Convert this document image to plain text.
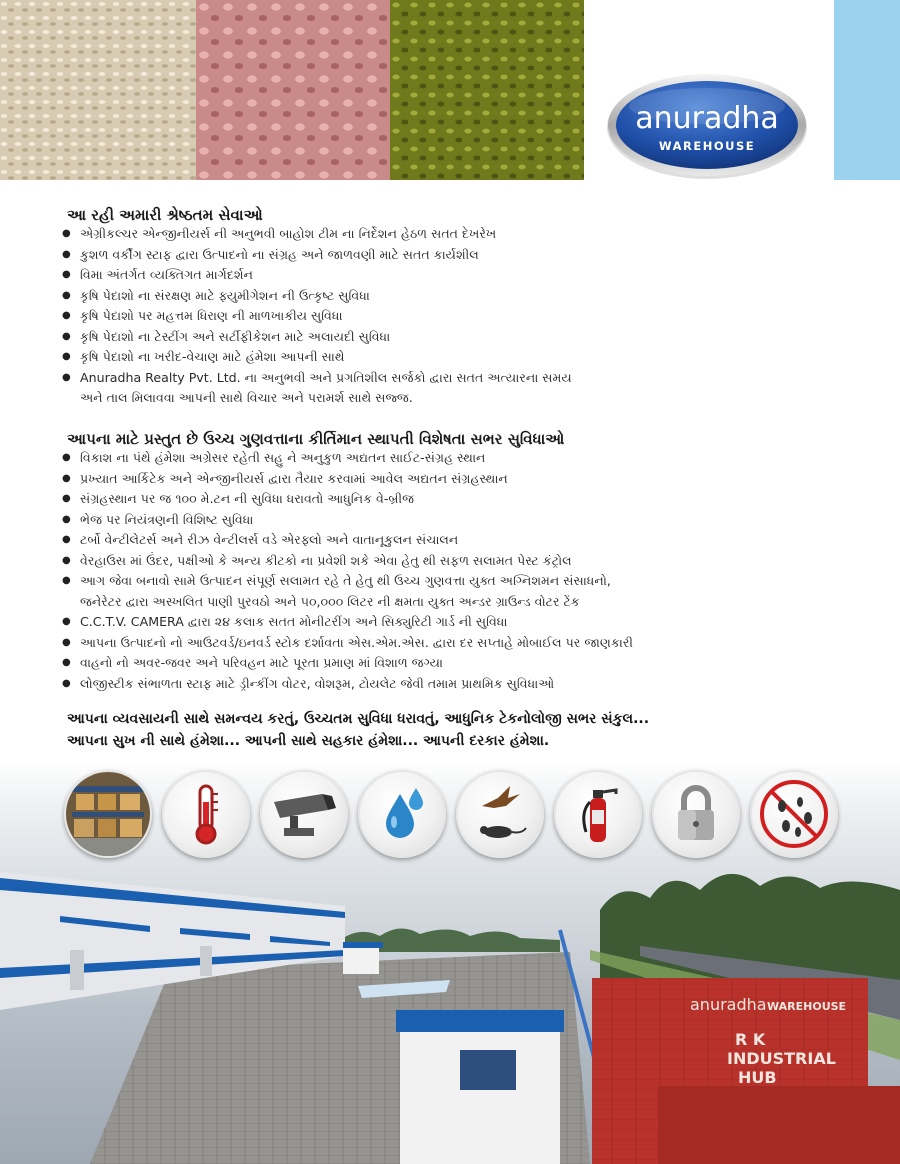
anuradha
WAREHOUSE
આ રહી અમારી શ્રેષ્ઠતમ સેવાઓ
● એગ્રીકલ્ચર એન્જીનીયર્સ ની અનુભવી બાહોશ ટીમ ના નિર્દેશન હેઠળ સતત દેખરેખ
● કુશળ વર્કીંગ સ્ટાફ દ્વારા ઉત્પાદનો ના સંગ્રહ અને જાળવણી માટે સતત કાર્યશીલ
● વિમા અંતર્ગત વ્યક્તિગત માર્ગદર્શન
● કૃષિ પેદાશો ના સંરક્ષણ માટે ફ્યુમીગેશન ની ઉત્કૃષ્ટ સુવિધા
● કૃષિ પેદાશો પર મહત્તમ ધિરાણ ની માળખાકીય સુવિધા
● કૃષિ પેદાશો ના ટેસ્ટીંગ અને સર્ટીફીકેશન માટે અલાયદી સુવિધા
● કૃષિ પેદાશો ના ખરીદ-વેચાણ માટે હંમેશા આપની સાથે
● Anuradha Realty Pvt. Ltd. ના અનુભવી અને પ્રગતિશીલ સર્જકો દ્વારા સતત અત્યારના સમય
અને તાલ મિલાવવા આપની સાથે વિચાર અને પરામર્શ સાથે સજ્જ.
આપના માટે પ્રસ્તુત છે ઉચ્ચ ગુણવત્તાના કીર્તિમાન સ્થાપતી વિશેષતા સભર સુવિધાઓ
● વિકાશ ના પંથે હંમેશા અગ્રેસર રહેતી સહુ ને અનુકુળ અદ્યતન સાઈટ-સંગ્રહ સ્થાન
● પ્રખ્યાત આર્કિટેક અને એન્જીનીયર્સ દ્વારા તૈયાર કરવામાં આવેલ અદ્યતન સંગ્રહસ્થાન
● સંગ્રહસ્થાન પર જ ૧૦૦ મે.ટન ની સુવિધા ધરાવતો આધુનિક વે-બ્રીજ
● ભેજ પર નિયંત્રણની વિશિષ્ટ સુવિધા
● ટર્બો વેન્ટીલેટર્સ અને રીઝ વેન્ટીલર્સ વડે એરફ્લો અને વાતાનૂકુલન સંચાલન
● વેરહાઉસ માં ઉંદર, પક્ષીઓ કે અન્ય કીટકો ના પ્રવેશી શકે એવા હેતુ થી સફળ સલામત પેસ્ટ કંટ્રોલ
● આગ જેવા બનાવો સામે ઉત્પાદન સંપૂર્ણ સલામત રહે તે હેતુ થી ઉચ્ચ ગુણવત્તા યુક્ત અગ્નિશમન સંસાધનો,
જનેરેટર દ્વારા અસ્ખલિત પાણી પુરવઠો અને ૫૦,૦૦૦ લિટર ની ક્ષમતા યુક્ત અન્ડર ગ્રાઉન્ડ વોટર ટેંક
● C.C.T.V. CAMERA દ્વારા ૨૪ કલાક સતત મોનીટરીંગ અને સિક્યુરિટી ગાર્ડ ની સુવિધા
● આપના ઉત્પાદનો નો આઉટવર્ડ/ઇનવર્ડ સ્ટોક દર્શાવતા એસ.એમ.એસ. દ્વારા દર સપ્તાહે મોબાઈલ પર જાણકારી
● વાહનો નો અવર-જવર અને પરિવહન માટે પૂરતા પ્રમાણ માં વિશાળ જગ્યા
● લોજીસ્ટીક સંભાળતા સ્ટાફ માટે ડ્રીન્કીંગ વોટર, વોશરૂમ, ટોયલેટ જેવી તમામ પ્રાથમિક સુવિધાઓ
આપના વ્યવસાયની સાથે સમન્વય કરતું, ઉચ્ચતમ સુવિધા ધરાવતું, આધુનિક ટેકનોલોજી સભર સંકુલ...
આપના સુખ ની સાથે હંમેશા... આપની સાથે સહકાર હંમેશા... આપની દરકાર હંમેશા.
anuradha WAREHOUSE
R K
INDUSTRIAL
HUB
